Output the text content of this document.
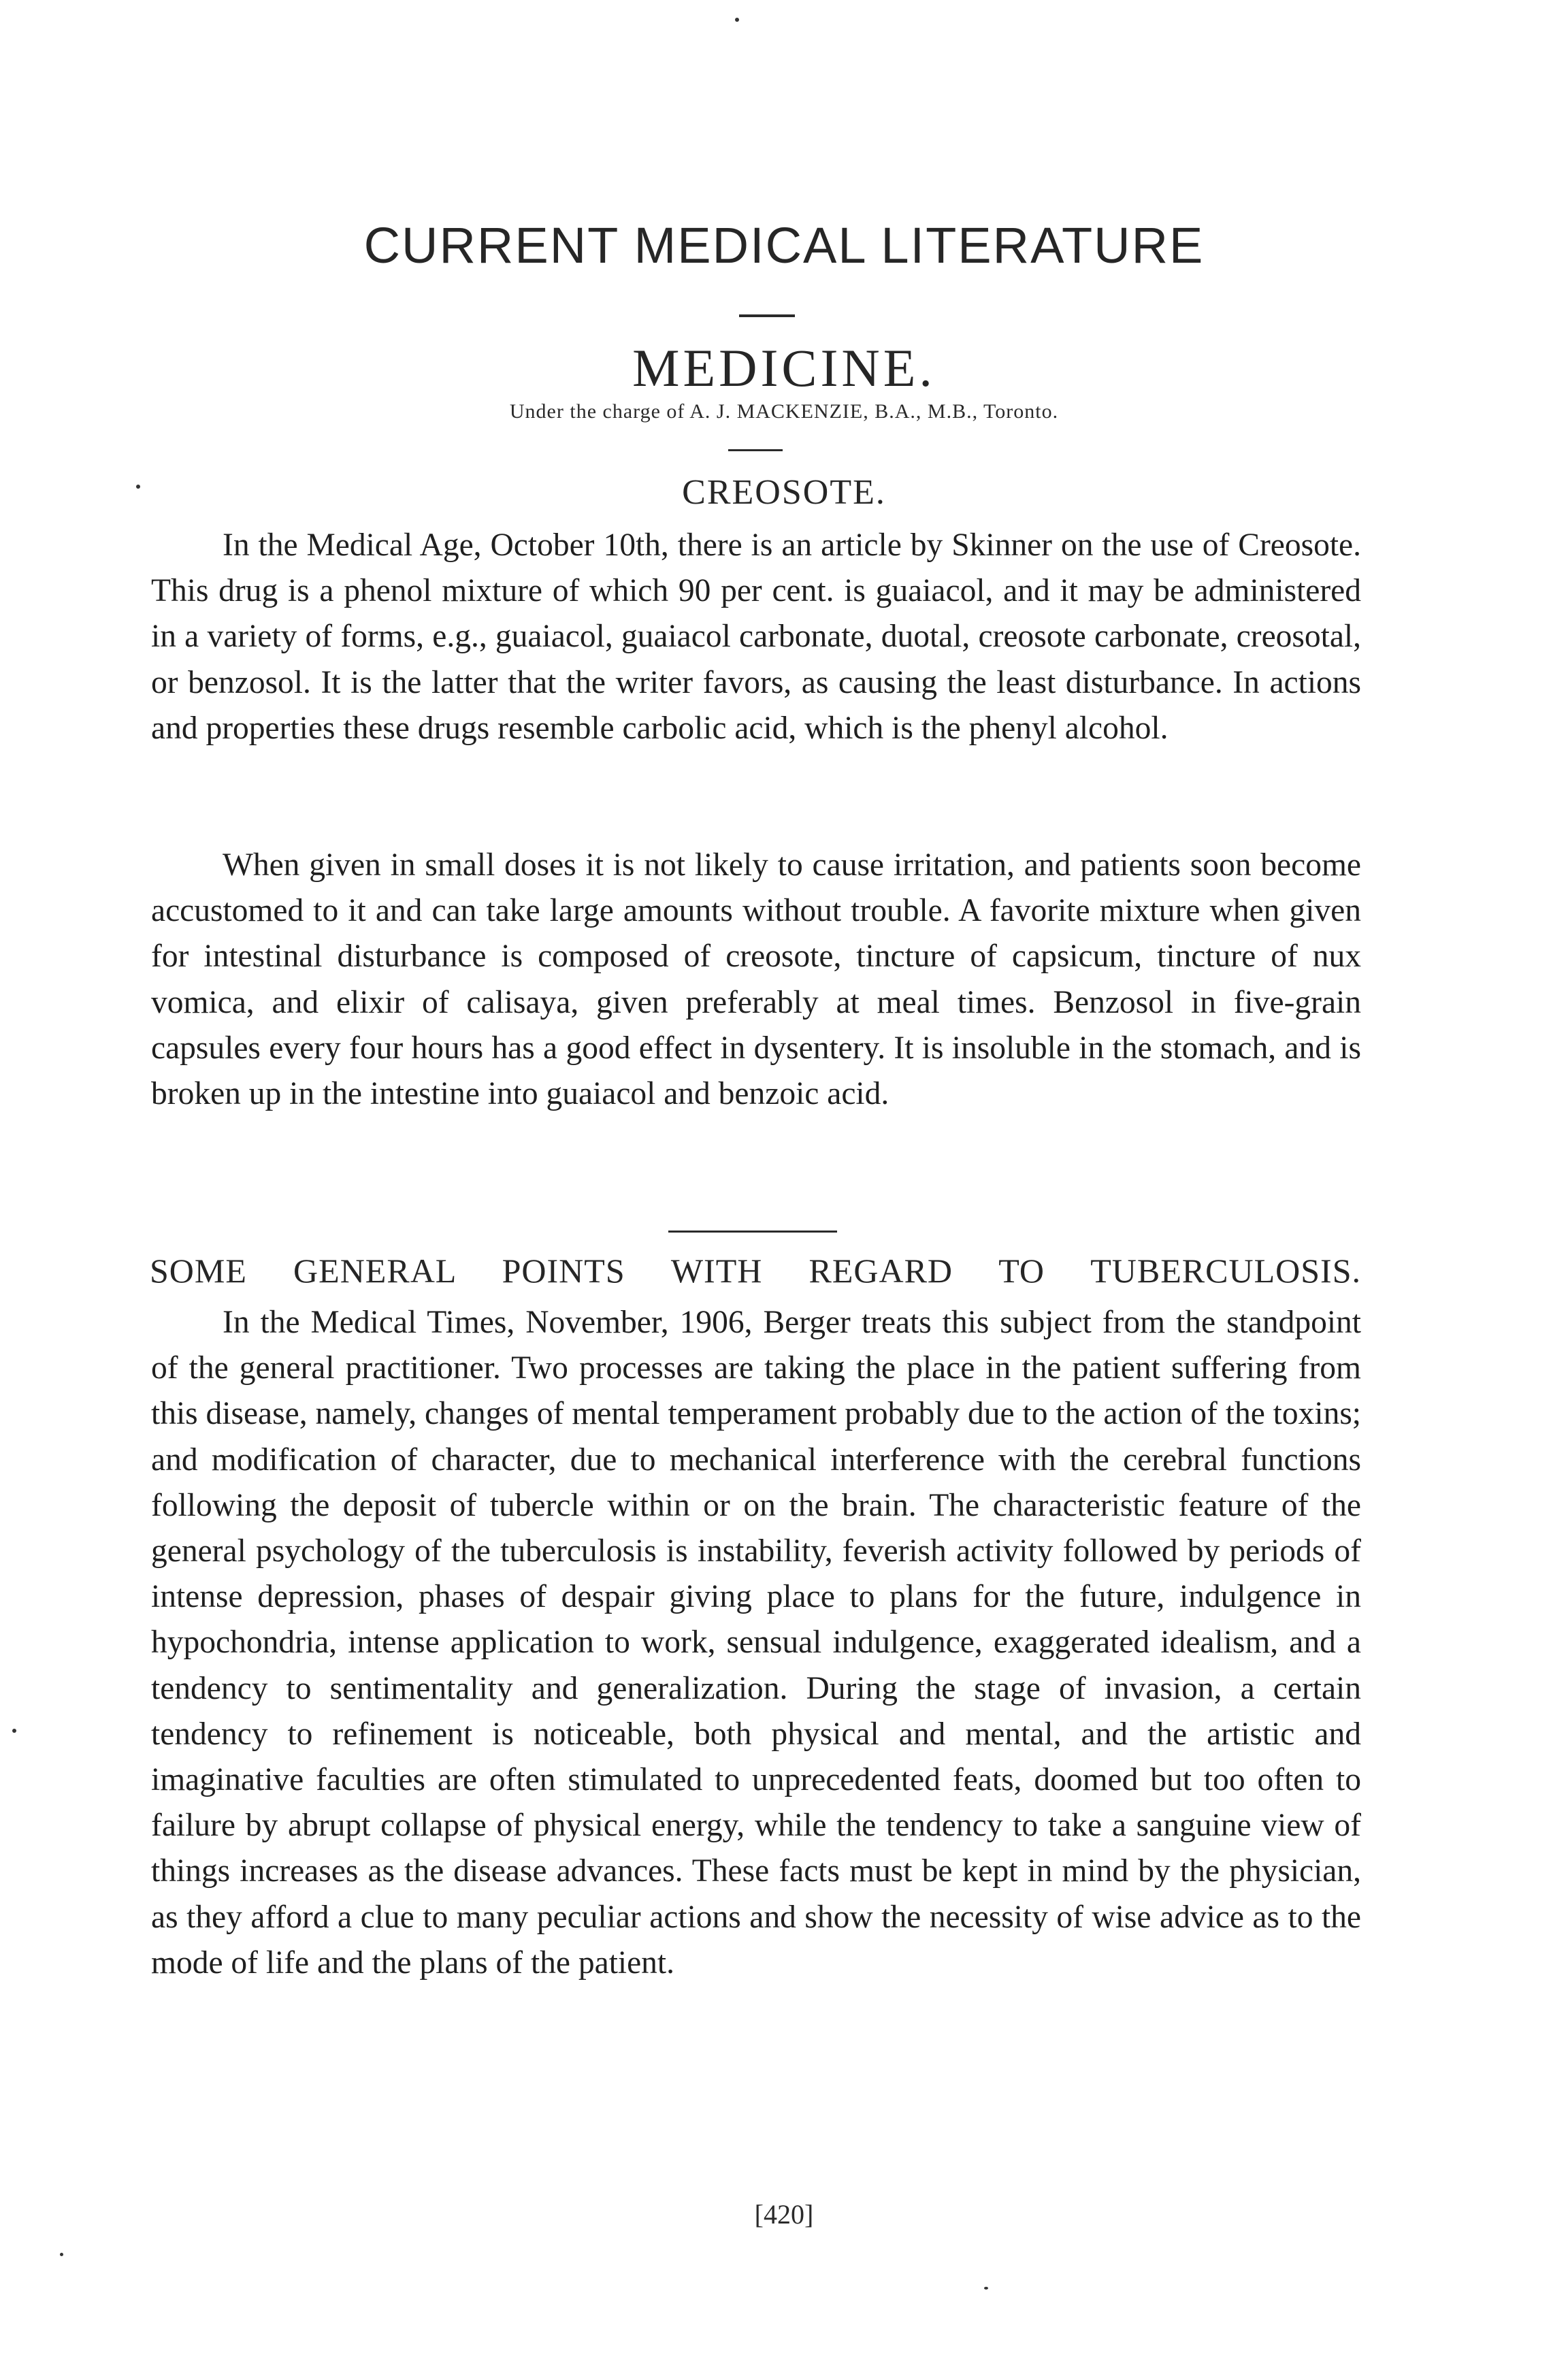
CURRENT MEDICAL LITERATURE
MEDICINE.

Under the charge of A. J. MACKENZIE, B.A., M.B., Toronto.

CREOSOTE.

In the Medical Age, October 10th, there is an article by Skinner on the use of Creosote. This drug is a phenol mixture of which 90 per cent. is guaiacol, and it may be administered in a variety of forms, e.g., guaiacol, guaiacol carbonate, duotal, creosote carbonate, creosotal, or benzosol. It is the latter that the writer favors, as causing the least disturbance. In actions and properties these drugs resemble carbolic acid, which is the phenyl alcohol.

When given in small doses it is not likely to cause irritation, and patients soon become accustomed to it and can take large amounts without trouble. A favorite mixture when given for intestinal disturbance is composed of creosote, tincture of capsicum, tincture of nux vomica, and elixir of calisaya, given preferably at meal times. Benzosol in five-grain capsules every four hours has a good effect in dysentery. It is insoluble in the stomach, and is broken up in the intestine into guaiacol and benzoic acid.

SOME GENERAL POINTS WITH REGARD TO TUBERCULOSIS.

In the Medical Times, November, 1906, Berger treats this subject from the standpoint of the general practitioner. Two processes are taking the place in the patient suffering from this disease, namely, changes of mental temperament probably due to the action of the toxins; and modification of character, due to mechanical interference with the cerebral functions following the deposit of tubercle within or on the brain. The characteristic feature of the general psychology of the tuberculosis is instability, feverish activity followed by periods of intense depression, phases of despair giving place to plans for the future, indulgence in hypochondria, intense application to work, sensual indulgence, exaggerated idealism, and a tendency to sentimentality and generalization. During the stage of invasion, a certain tendency to refinement is noticeable, both physical and mental, and the artistic and imaginative faculties are often stimulated to unprecedented feats, doomed but too often to failure by abrupt collapse of physical energy, while the tendency to take a sanguine view of things increases as the disease advances. These facts must be kept in mind by the physician, as they afford a clue to many peculiar actions and show the necessity of wise advice as to the mode of life and the plans of the patient.

[420]
